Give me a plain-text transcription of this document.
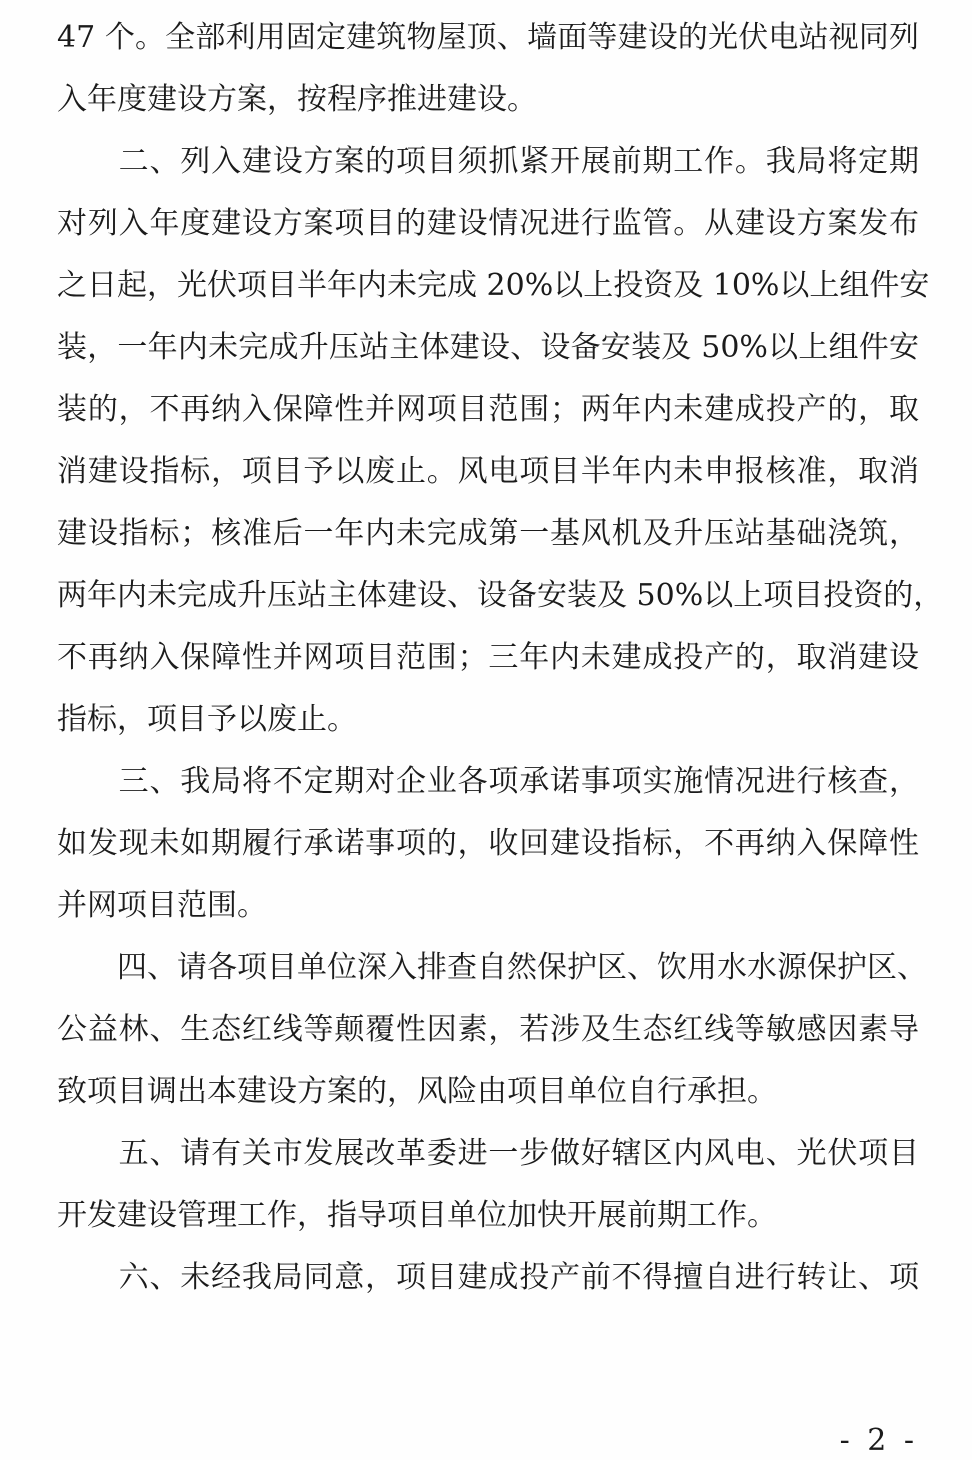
47 个。全部利用固定建筑物屋顶、墙面等建设的光伏电站视同列
入年度建设方案，按程序推进建设。
　　二、列入建设方案的项目须抓紧开展前期工作。我局将定期
对列入年度建设方案项目的建设情况进行监管。从建设方案发布
之日起，光伏项目半年内未完成 20%以上投资及 10%以上组件安
装，一年内未完成升压站主体建设、设备安装及 50%以上组件安
装的，不再纳入保障性并网项目范围；两年内未建成投产的，取
消建设指标，项目予以废止。风电项目半年内未申报核准，取消
建设指标；核准后一年内未完成第一基风机及升压站基础浇筑，
两年内未完成升压站主体建设、设备安装及 50%以上项目投资的，
不再纳入保障性并网项目范围；三年内未建成投产的，取消建设
指标，项目予以废止。
　　三、我局将不定期对企业各项承诺事项实施情况进行核查，
如发现未如期履行承诺事项的，收回建设指标，不再纳入保障性
并网项目范围。
　　四、请各项目单位深入排查自然保护区、饮用水水源保护区、
公益林、生态红线等颠覆性因素，若涉及生态红线等敏感因素导
致项目调出本建设方案的，风险由项目单位自行承担。
　　五、请有关市发展改革委进一步做好辖区内风电、光伏项目
开发建设管理工作，指导项目单位加快开展前期工作。
　　六、未经我局同意，项目建成投产前不得擅自进行转让、项
- 2 -
